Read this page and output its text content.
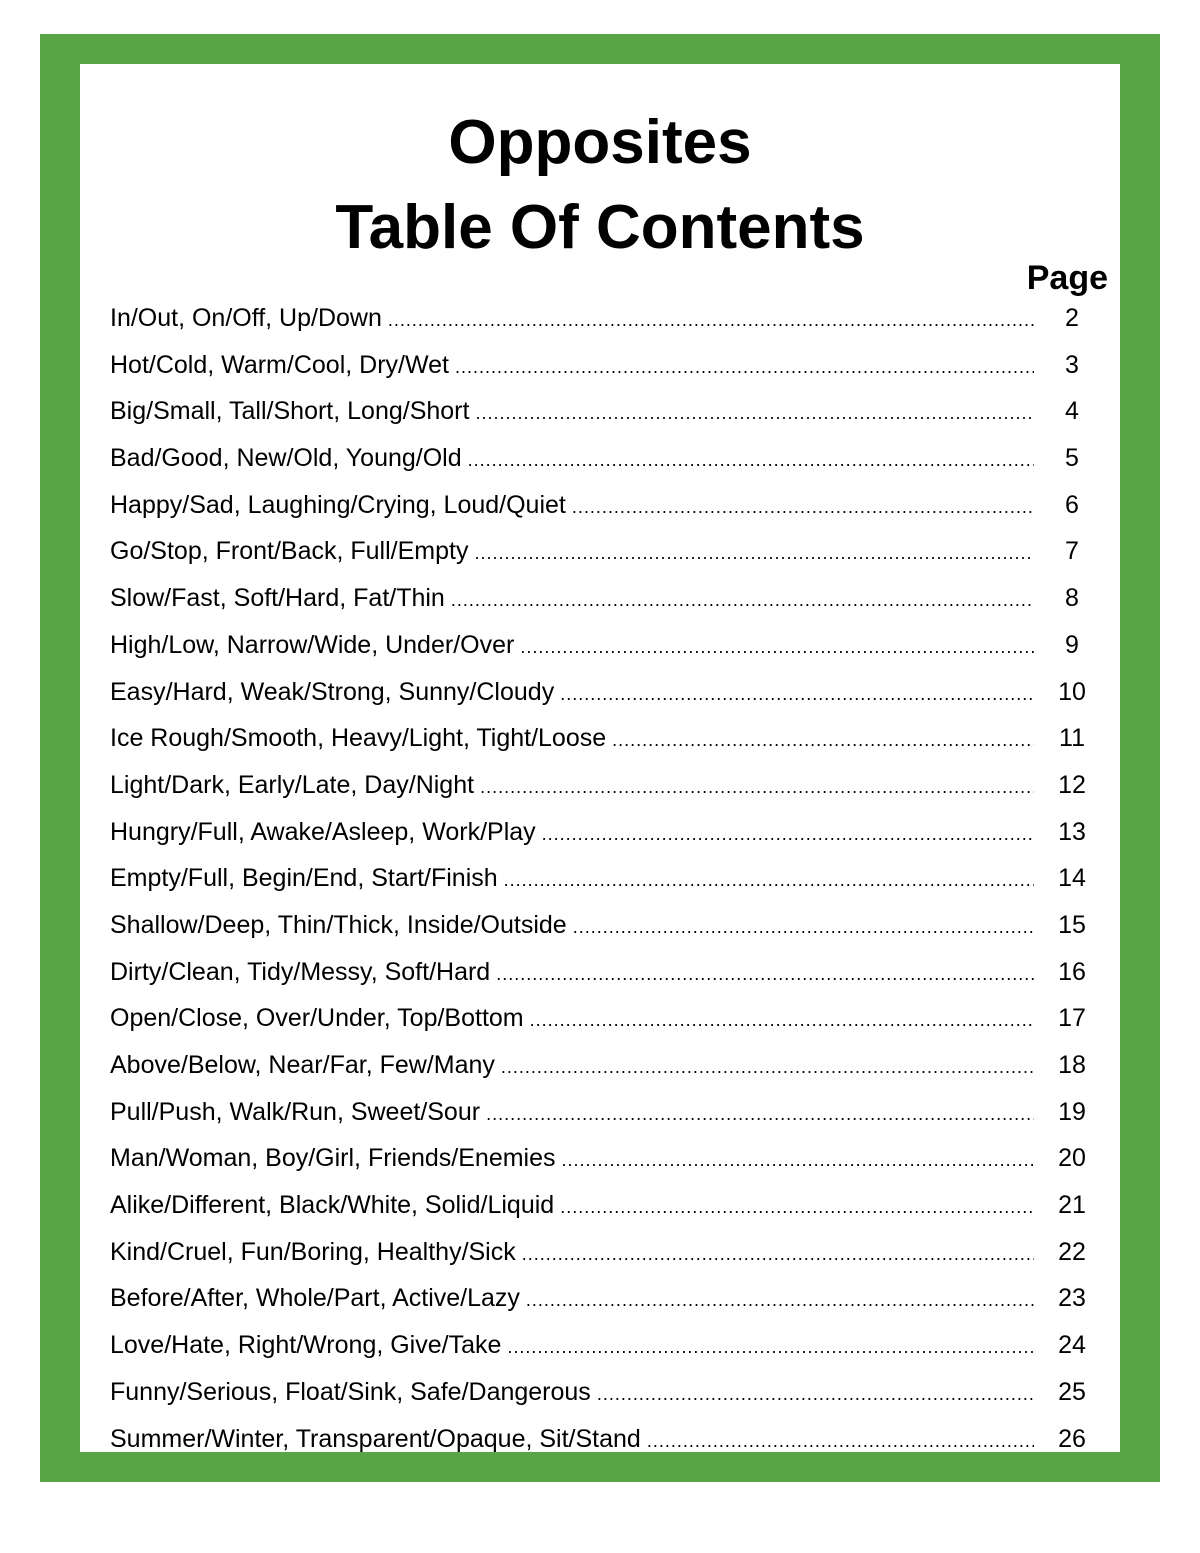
Opposites
Table Of Contents
Page
In/Out, On/Off, Up/Down .....	2
Hot/Cold, Warm/Cool, Dry/Wet .....	3
Big/Small, Tall/Short, Long/Short .....	4
Bad/Good, New/Old, Young/Old .....	5
Happy/Sad, Laughing/Crying, Loud/Quiet .....	6
Go/Stop, Front/Back, Full/Empty .....	7
Slow/Fast, Soft/Hard, Fat/Thin .....	8
High/Low, Narrow/Wide, Under/Over .....	9
Easy/Hard, Weak/Strong, Sunny/Cloudy .....	10
Ice Rough/Smooth, Heavy/Light, Tight/Loose .....	11
Light/Dark, Early/Late, Day/Night .....	12
Hungry/Full, Awake/Asleep, Work/Play .....	13
Empty/Full, Begin/End, Start/Finish .....	14
Shallow/Deep, Thin/Thick, Inside/Outside .....	15
Dirty/Clean, Tidy/Messy, Soft/Hard .....	16
Open/Close, Over/Under, Top/Bottom .....	17
Above/Below, Near/Far, Few/Many .....	18
Pull/Push, Walk/Run, Sweet/Sour .....	19
Man/Woman, Boy/Girl, Friends/Enemies .....	20
Alike/Different, Black/White, Solid/Liquid .....	21
Kind/Cruel, Fun/Boring, Healthy/Sick .....	22
Before/After, Whole/Part, Active/Lazy .....	23
Love/Hate, Right/Wrong, Give/Take .....	24
Funny/Serious, Float/Sink, Safe/Dangerous .....	25
Summer/Winter, Transparent/Opaque, Sit/Stand .....	26
